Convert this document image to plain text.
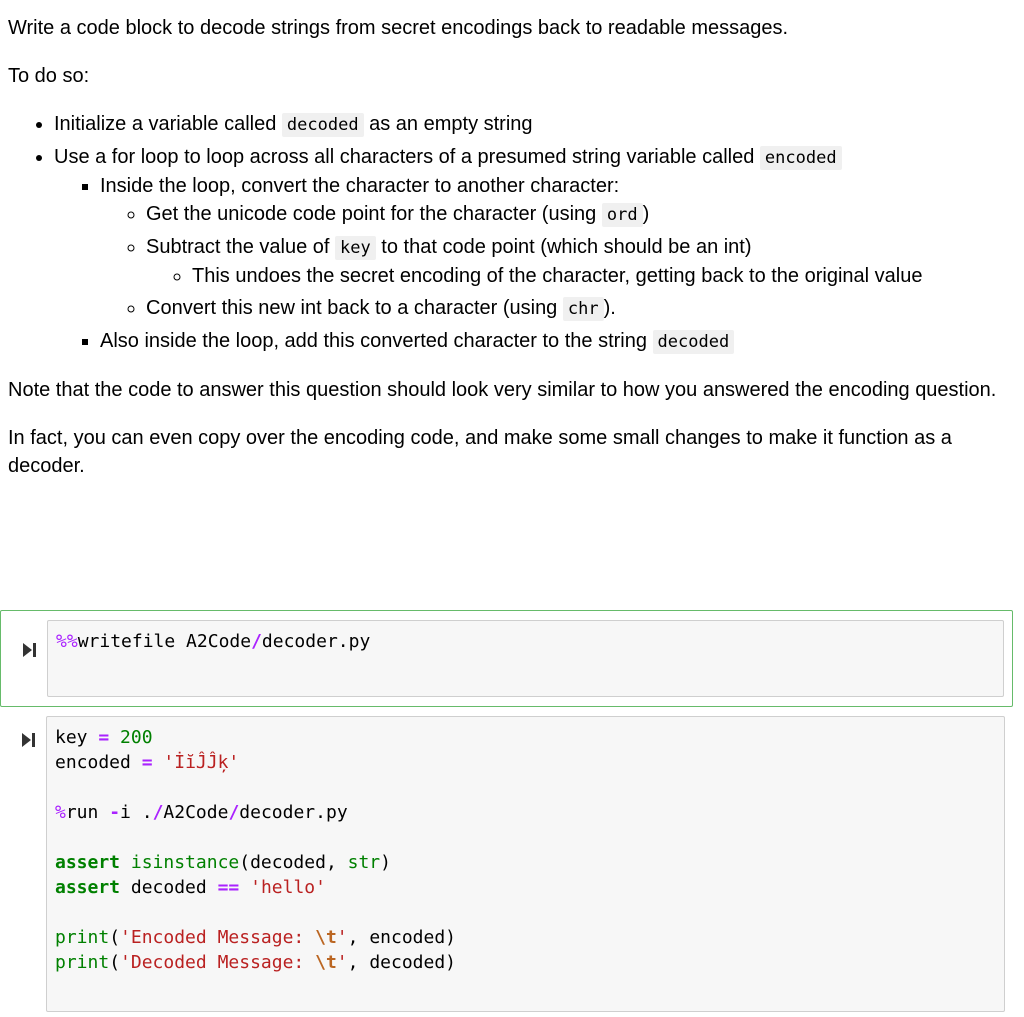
Write a code block to decode strings from secret encodings back to readable messages.

To do so:

• Initialize a variable called decoded as an empty string
• Use a for loop to loop across all characters of a presumed string variable called encoded
▪ Inside the loop, convert the character to another character:
◦ Get the unicode code point for the character (using ord )
◦ Subtract the value of key to that code point (which should be an int)
◦ This undoes the secret encoding of the character, getting back to the original value
◦ Convert this new int back to a character (using chr ).
▪ Also inside the loop, add this converted character to the string decoded

Note that the code to answer this question should look very similar to how you answered the encoding question.

In fact, you can even copy over the encoding code, and make some small changes to make it function as a decoder.

%%writefile A2Code/decoder.py
key = 200
encoded = 'İĭĴĴķ'
%run -i ./A2Code/decoder.py
assert isinstance(decoded, str)
assert decoded == 'hello'
print('Encoded Message: \t', encoded)
print('Decoded Message: \t', decoded)
